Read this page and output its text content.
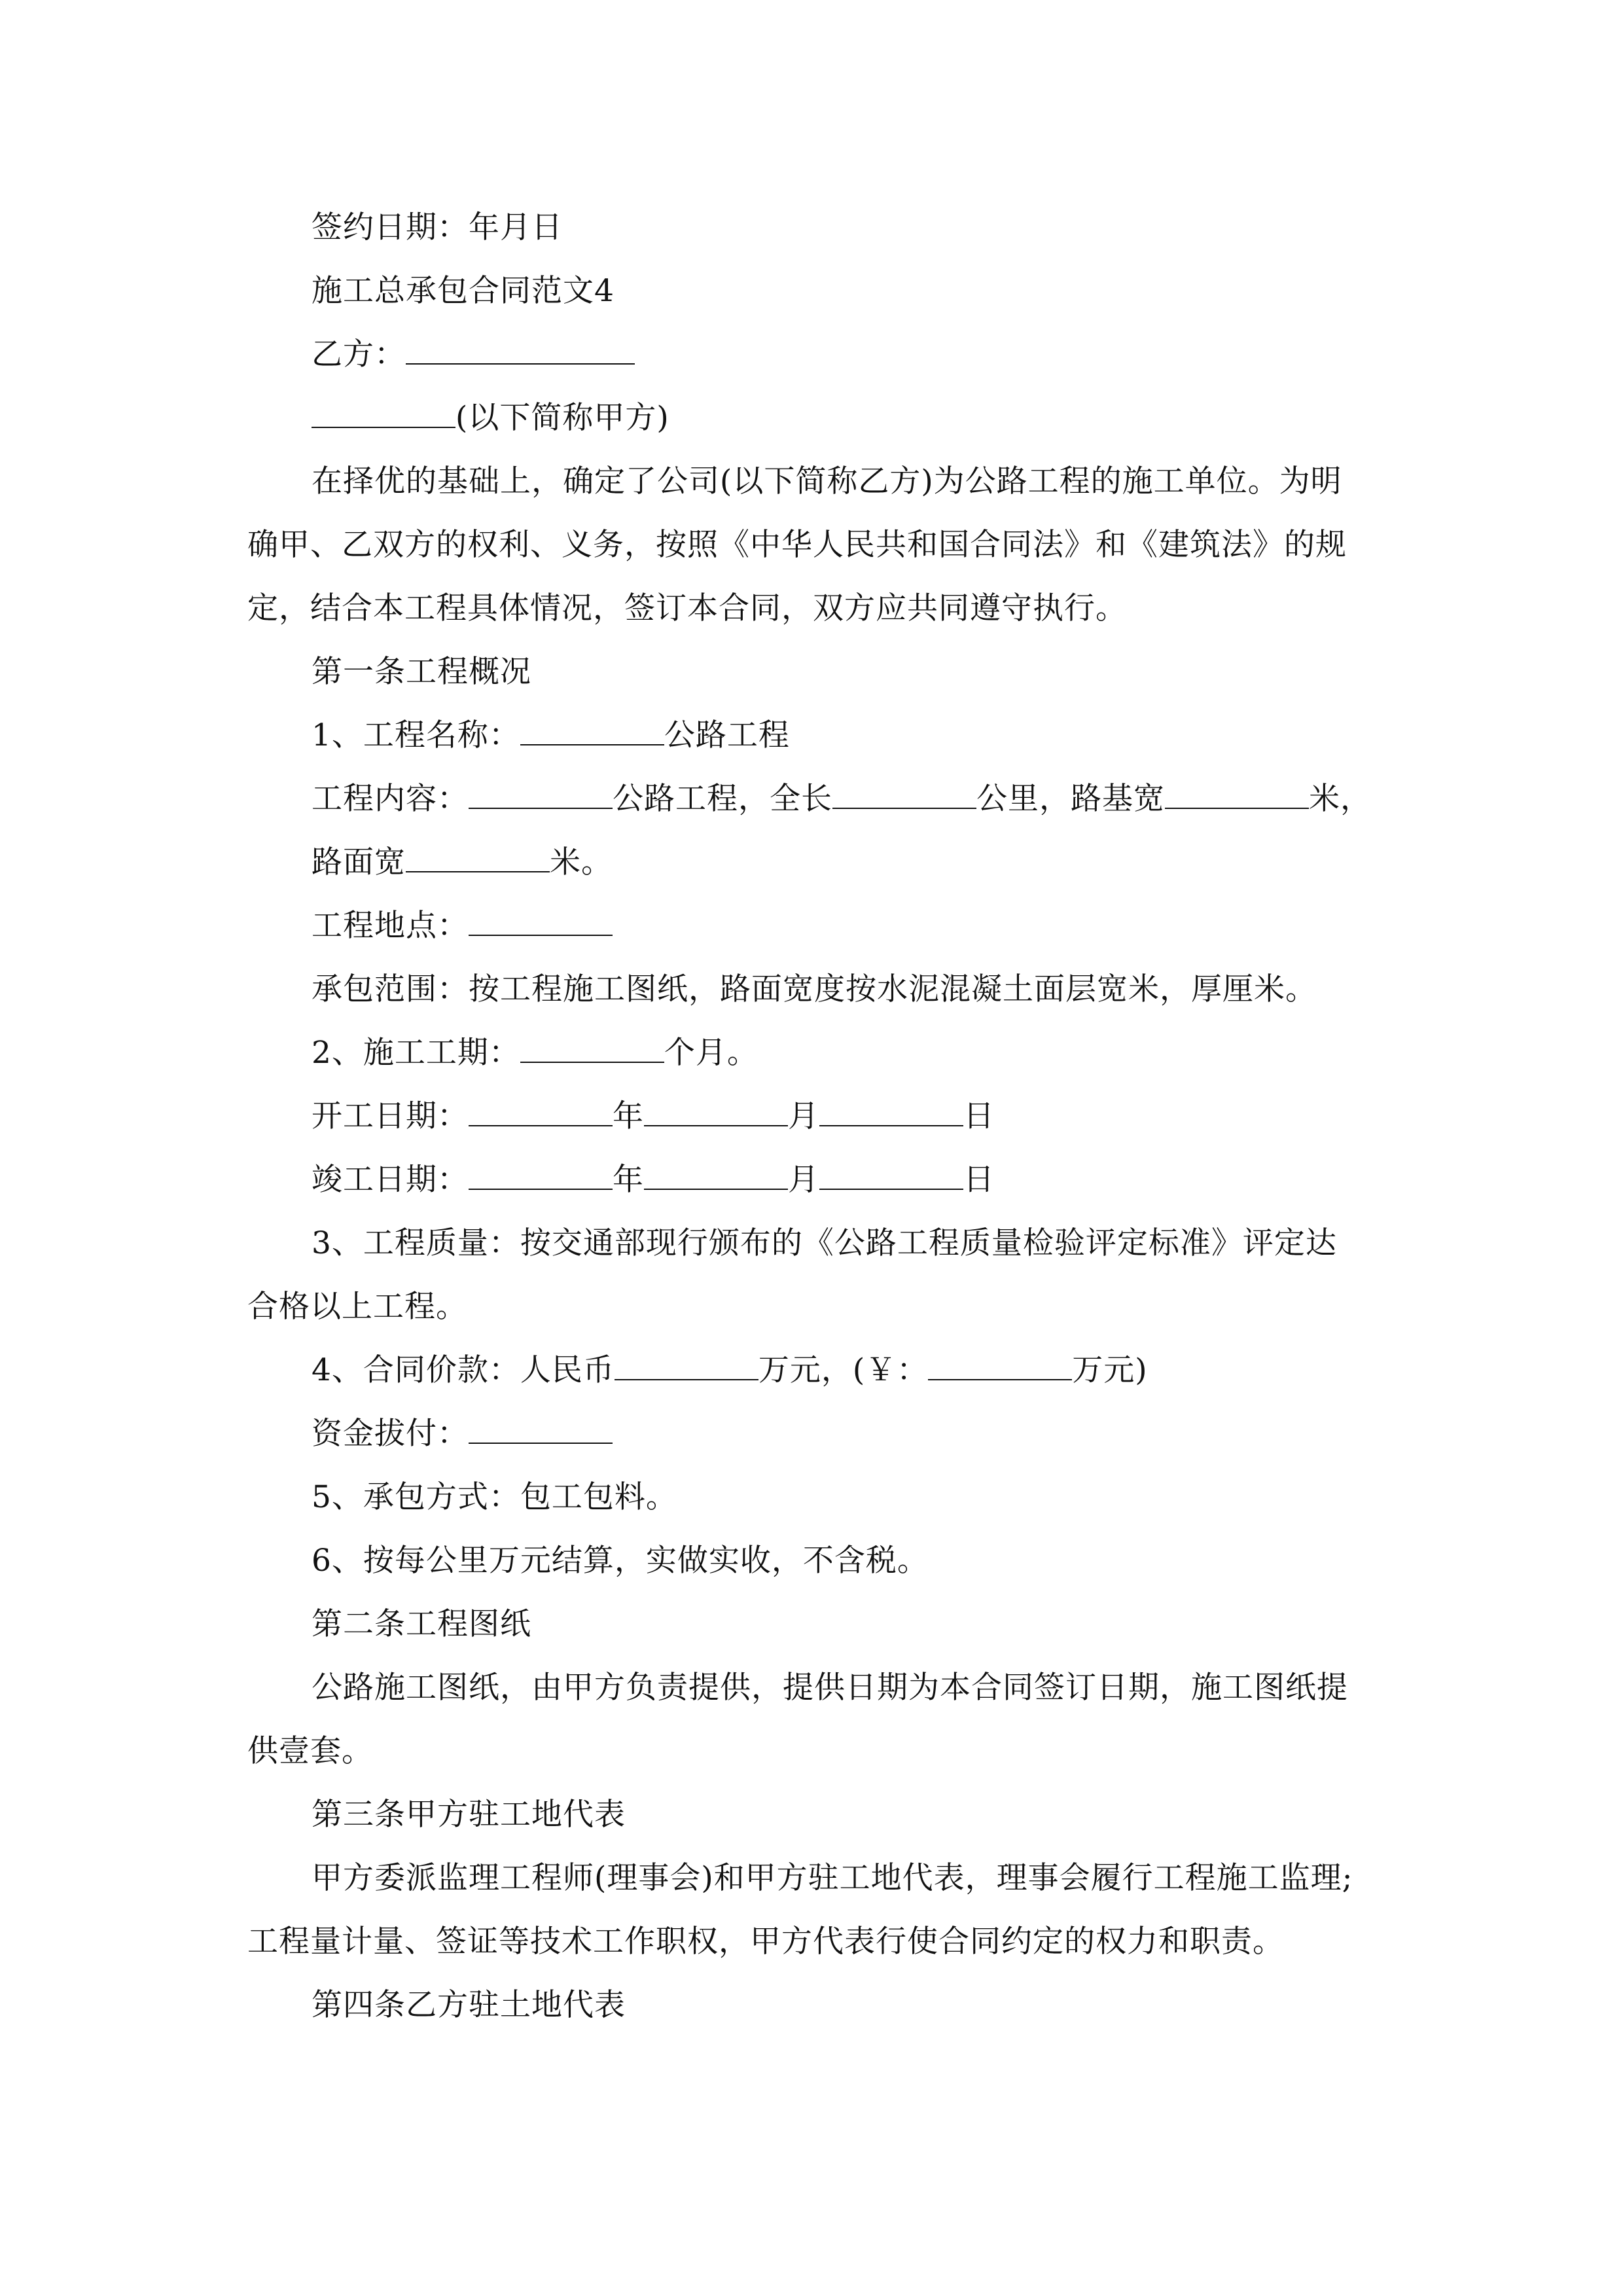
签约日期：年月日
施工总承包合同范文4
乙方：
(以下简称甲方)
在择优的基础上，确定了公司(以下简称乙方)为公路工程的施工单位。为明
确甲、乙双方的权利、义务，按照《中华人民共和国合同法》和《建筑法》的规
定，结合本工程具体情况，签订本合同，双方应共同遵守执行。
第一条工程概况
1、工程名称：	公路工程
工程内容：	公路工程，全长	公里，路基宽	米，
路面宽	米。
工程地点：
承包范围：按工程施工图纸，路面宽度按水泥混凝土面层宽米，厚厘米。
2、施工工期：	个月。
开工日期：	年	月	日
竣工日期：	年	月	日
3、工程质量：按交通部现行颁布的《公路工程质量检验评定标准》评定达
合格以上工程。
4、合同价款：人民币	万元，(￥：	万元)
资金拔付：
5、承包方式：包工包料。
6、按每公里万元结算，实做实收，不含税。
第二条工程图纸
公路施工图纸，由甲方负责提供，提供日期为本合同签订日期，施工图纸提
供壹套。
第三条甲方驻工地代表
甲方委派监理工程师(理事会)和甲方驻工地代表，理事会履行工程施工监理;
工程量计量、签证等技术工作职权，甲方代表行使合同约定的权力和职责。
第四条乙方驻土地代表
